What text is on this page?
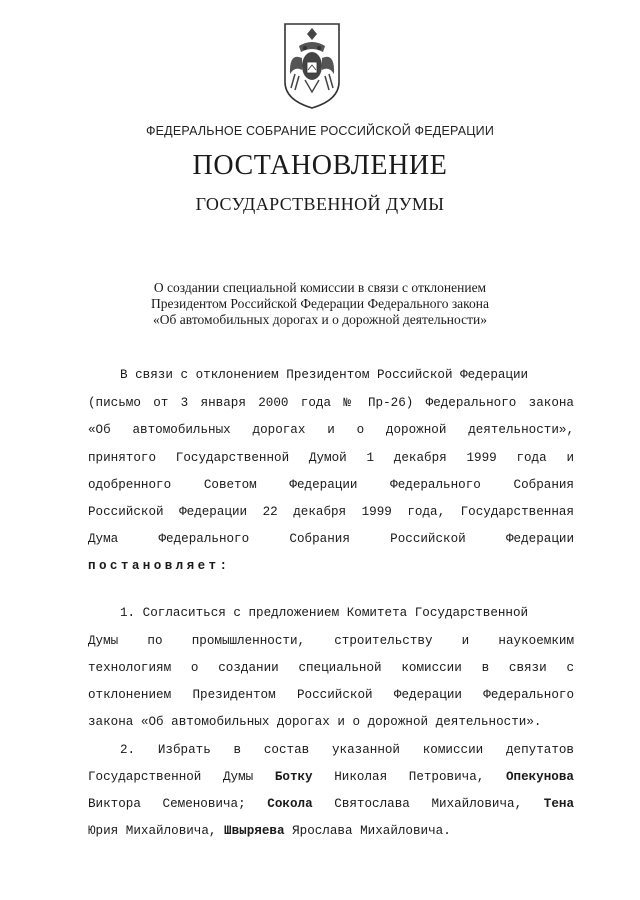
ФЕДЕРАЛЬНОЕ СОБРАНИЕ РОССИЙСКОЙ ФЕДЕРАЦИИ
ПОСТАНОВЛЕНИЕ
ГОСУДАРСТВЕННОЙ ДУМЫ
О создании специальной комиссии в связи с отклонением
Президентом Российской Федерации Федерального закона
«Об автомобильных дорогах и о дорожной деятельности»
В связи с отклонением Президентом Российской Федерации
(письмо от 3 января 2000 года № Пр-26) Федерального закона
«Об автомобильных дорогах и о дорожной деятельности»,
принятого Государственной Думой 1 декабря 1999 года и
одобренного Советом Федерации Федерального Собрания
Российской Федерации 22 декабря 1999 года, Государственная
Дума Федерального Собрания Российской Федерации
постановляет:
1. Согласиться с предложением Комитета Государственной
Думы по промышленности, строительству и наукоемким
технологиям о создании специальной комиссии в связи с
отклонением Президентом Российской Федерации Федерального
закона «Об автомобильных дорогах и о дорожной деятельности».
2. Избрать в состав указанной комиссии депутатов
Государственной Думы Ботку Николая Петровича, Опекунова
Виктора Семеновича; Сокола Святослава Михайловича, Тена
Юрия Михайловича, Швыряева Ярослава Михайловича.
